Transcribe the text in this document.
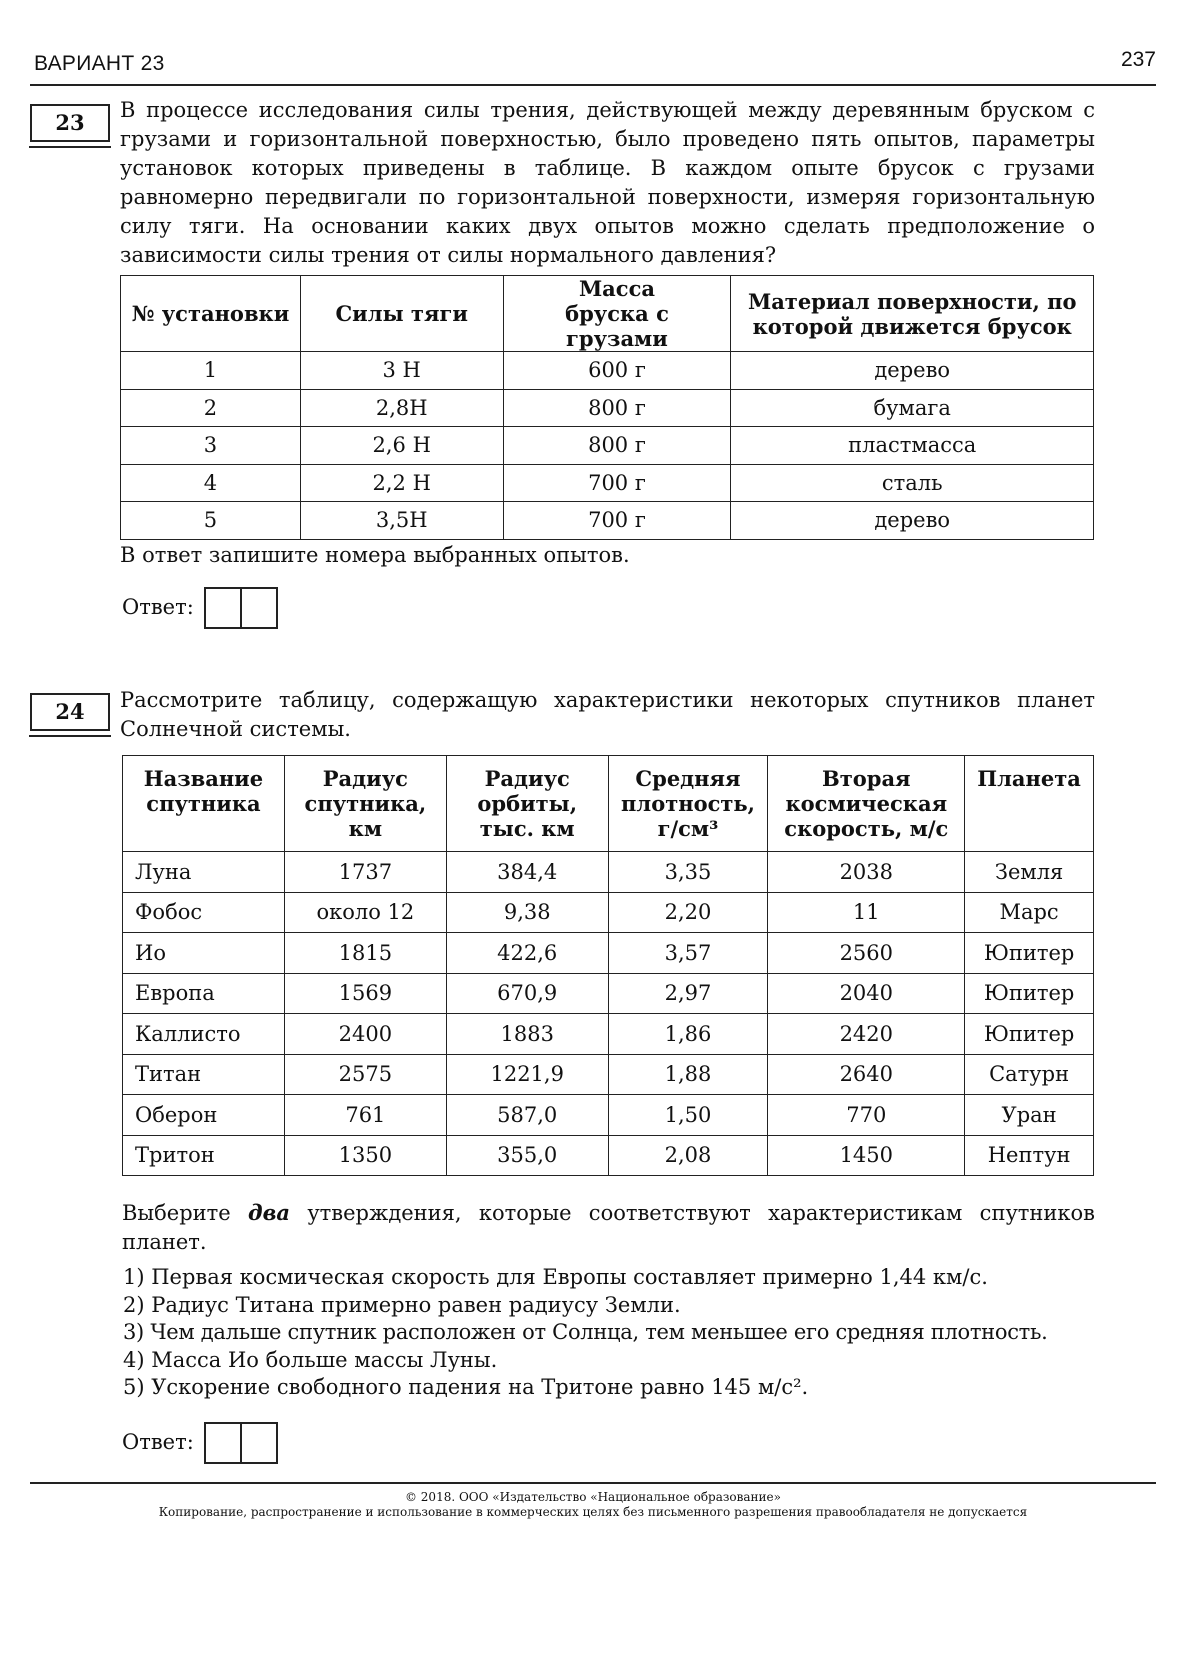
ВАРИАНТ 23	237
23	В процессе исследования силы трения, действующей между деревянным бруском с грузами и горизонтальной поверхностью, было проведено пять опытов, параметры установок которых приведены в таблице. В каждом опыте брусок с грузами равномерно передвигали по горизонтальной поверхности, измеряя горизонтальную силу тяги. На основании каких двух опытов можно сделать предположение о зависимости силы трения от силы нормального давления?
№ установки	Силы тяги	Масса бруска с грузами	Материал поверхности, по которой движется брусок
1	3 Н	600 г	дерево
2	2,8Н	800 г	бумага
3	2,6 Н	800 г	пластмасса
4	2,2 Н	700 г	сталь
5	3,5Н	700 г	дерево
В ответ запишите номера выбранных опытов.
Ответ:
24	Рассмотрите таблицу, содержащую характеристики некоторых спутников планет Солнечной системы.
Название спутника	Радиус спутника, км	Радиус орбиты, тыс. км	Средняя плотность, г/см³	Вторая космическая скорость, м/с	Планета
Луна	1737	384,4	3,35	2038	Земля
Фобос	около 12	9,38	2,20	11	Марс
Ио	1815	422,6	3,57	2560	Юпитер
Европа	1569	670,9	2,97	2040	Юпитер
Каллисто	2400	1883	1,86	2420	Юпитер
Титан	2575	1221,9	1,88	2640	Сатурн
Оберон	761	587,0	1,50	770	Уран
Тритон	1350	355,0	2,08	1450	Нептун
Выберите два утверждения, которые соответствуют характеристикам спутников планет.
1) Первая космическая скорость для Европы составляет примерно 1,44 км/с.
2) Радиус Титана примерно равен радиусу Земли.
3) Чем дальше спутник расположен от Солнца, тем меньшее его средняя плотность.
4) Масса Ио больше массы Луны.
5) Ускорение свободного падения на Тритоне равно 145 м/с².
Ответ:
© 2018. ООО «Издательство «Национальное образование»
Копирование, распространение и использование в коммерческих целях без письменного разрешения правообладателя не допускается
